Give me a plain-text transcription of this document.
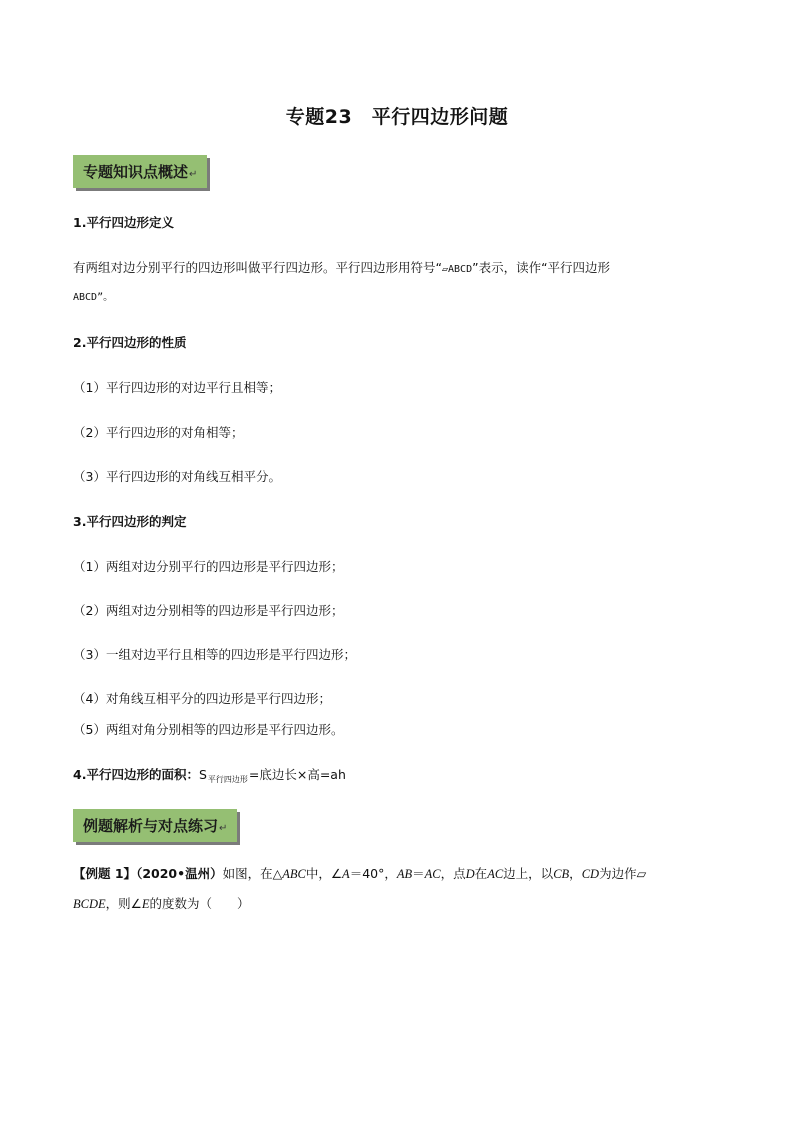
专题23　平行四边形问题
专题知识点概述↵
1.平行四边形定义
有两组对边分别平行的四边形叫做平行四边形。平行四边形用符号“▱ABCD”表示，读作“平行四边形
ABCD”。
2.平行四边形的性质
（1）平行四边形的对边平行且相等；
（2）平行四边形的对角相等；
（3）平行四边形的对角线互相平分。
3.平行四边形的判定
（1）两组对边分别平行的四边形是平行四边形；
（2）两组对边分别相等的四边形是平行四边形；
（3）一组对边平行且相等的四边形是平行四边形；
（4）对角线互相平分的四边形是平行四边形；
（5）两组对角分别相等的四边形是平行四边形。
4.平行四边形的面积：$S_{平行四边形}=$底边长×高=ah
例题解析与对点练习↵
【例题 1】（2020•温州）如图，在△ABC中，∠A＝40°，AB＝AC，点D在AC边上，以CB，CD为边作▱
BCDE，则∠E的度数为（　　）
